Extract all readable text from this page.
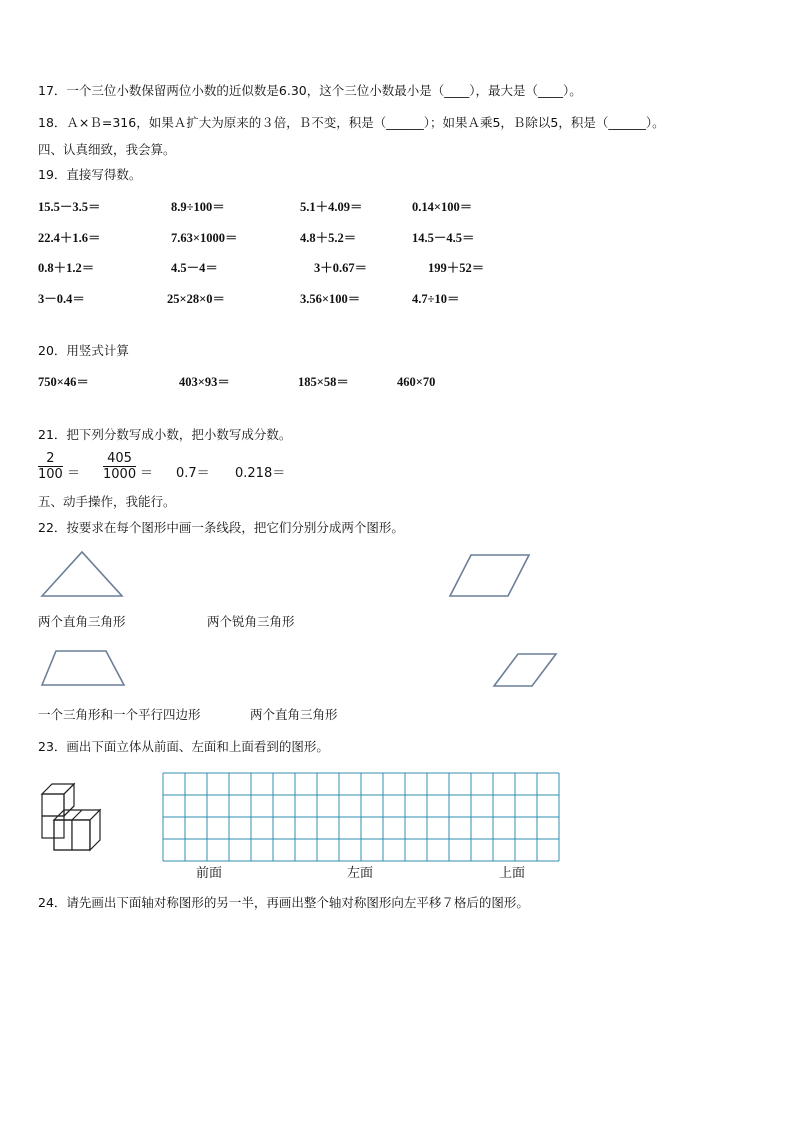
17．一个三位小数保留两位小数的近似数是6.30，这个三位小数最小是（____），最大是（____）。
18．Ａ×Ｂ=316，如果Ａ扩大为原来的３倍，Ｂ不变，积是（______）；如果Ａ乘5，Ｂ除以5，积是（______）。
四、认真细致，我会算。
19．直接写得数。
15.5－3.5＝	8.9÷100＝	5.1＋4.09＝	0.14×100＝
22.4＋1.6＝	7.63×1000＝	4.8＋5.2＝	14.5－4.5＝
0.8＋1.2＝	4.5－4＝	3＋0.67＝	199＋52＝
3－0.4＝	25×28×0＝	3.56×100＝	4.7÷10＝
20．用竖式计算
750×46＝	403×93＝	185×58＝	460×70
21．把下列分数写成小数，把小数写成分数。
$\frac{2}{100} = \frac{405}{1000} = 0.7= 0.218=$
五、动手操作，我能行。
22．按要求在每个图形中画一条线段，把它们分别分成两个图形。
两个直角三角形	两个锐角三角形
一个三角形和一个平行四边形	两个直角三角形
23．画出下面立体从前面、左面和上面看到的图形。
前面	左面	上面
24．请先画出下面轴对称图形的另一半，再画出整个轴对称图形向左平移７格后的图形。
